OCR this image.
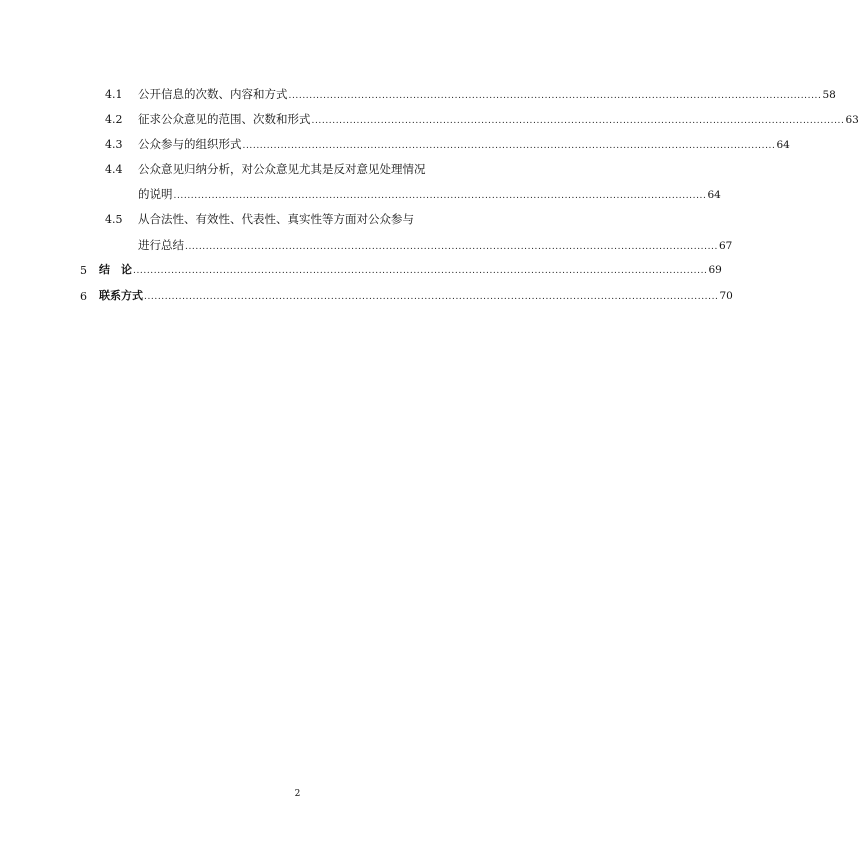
4.1 公开信息的次数、内容和方式 .......................................................................................................................................................... 58
4.2 征求公众意见的范围、次数和形式 .......................................................................................................................................................... 63
4.3 公众参与的组织形式 .......................................................................................................................................................... 64
4.4 公众意见归纳分析，对公众意见尤其是反对意见处理情况
的说明 .......................................................................................................................................................... 64
4.5 从合法性、有效性、代表性、真实性等方面对公众参与
进行总结 .......................................................................................................................................................... 67
5 结　论 ...................................................................................................................................................................... 69
6 联系方式 ...................................................................................................................................................................... 70
2
